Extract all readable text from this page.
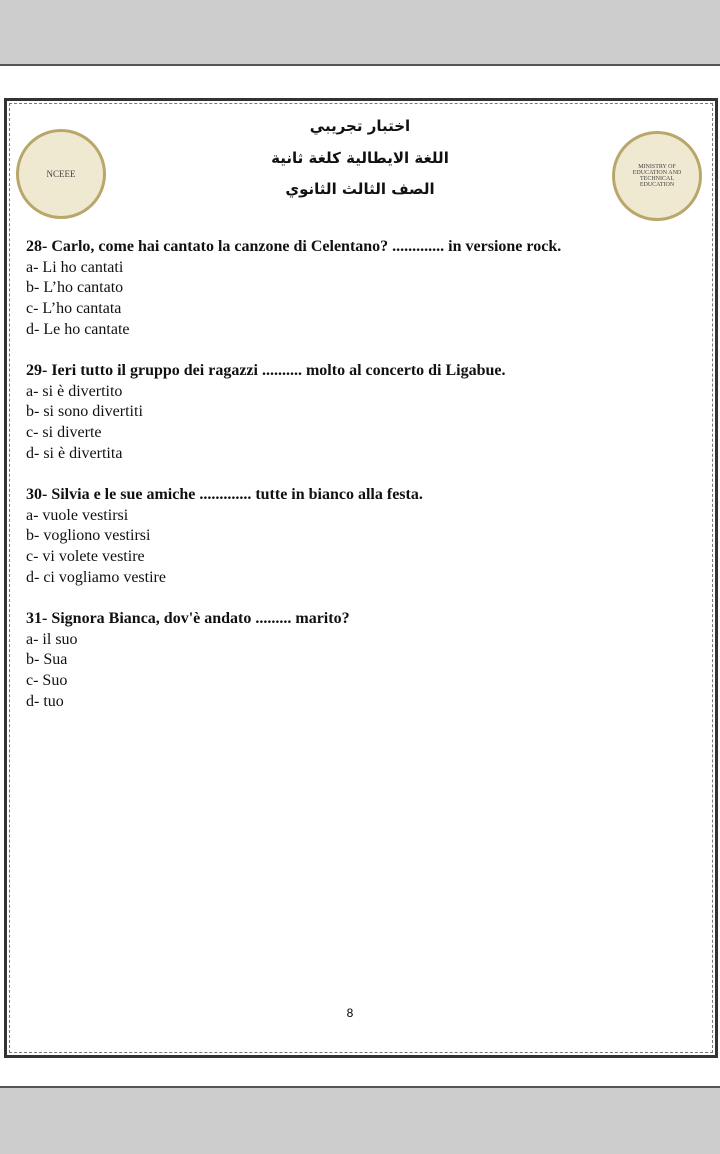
NCEEE
MINISTRY OF EDUCATION AND TECHNICAL EDUCATION
اختبار تجريبي
اللغة الايطالية كلغة ثانية
الصف الثالث الثانوي
28- Carlo, come hai cantato la canzone di Celentano? ............. in versione rock.
a- Li ho cantati
b- L’ho cantato
c- L’ho cantata
d- Le ho cantate
29- Ieri tutto il gruppo dei ragazzi .......... molto al concerto di Ligabue.
a- si è divertito
b- si sono divertiti
c- si diverte
d- si è divertita
30- Silvia e le sue amiche ............. tutte in bianco alla festa.
a- vuole vestirsi
b- vogliono vestirsi
c- vi volete vestire
d- ci vogliamo vestire
31- Signora Bianca, dov'è andato ......... marito?
a- il suo
b- Sua
c- Suo
d- tuo
8
